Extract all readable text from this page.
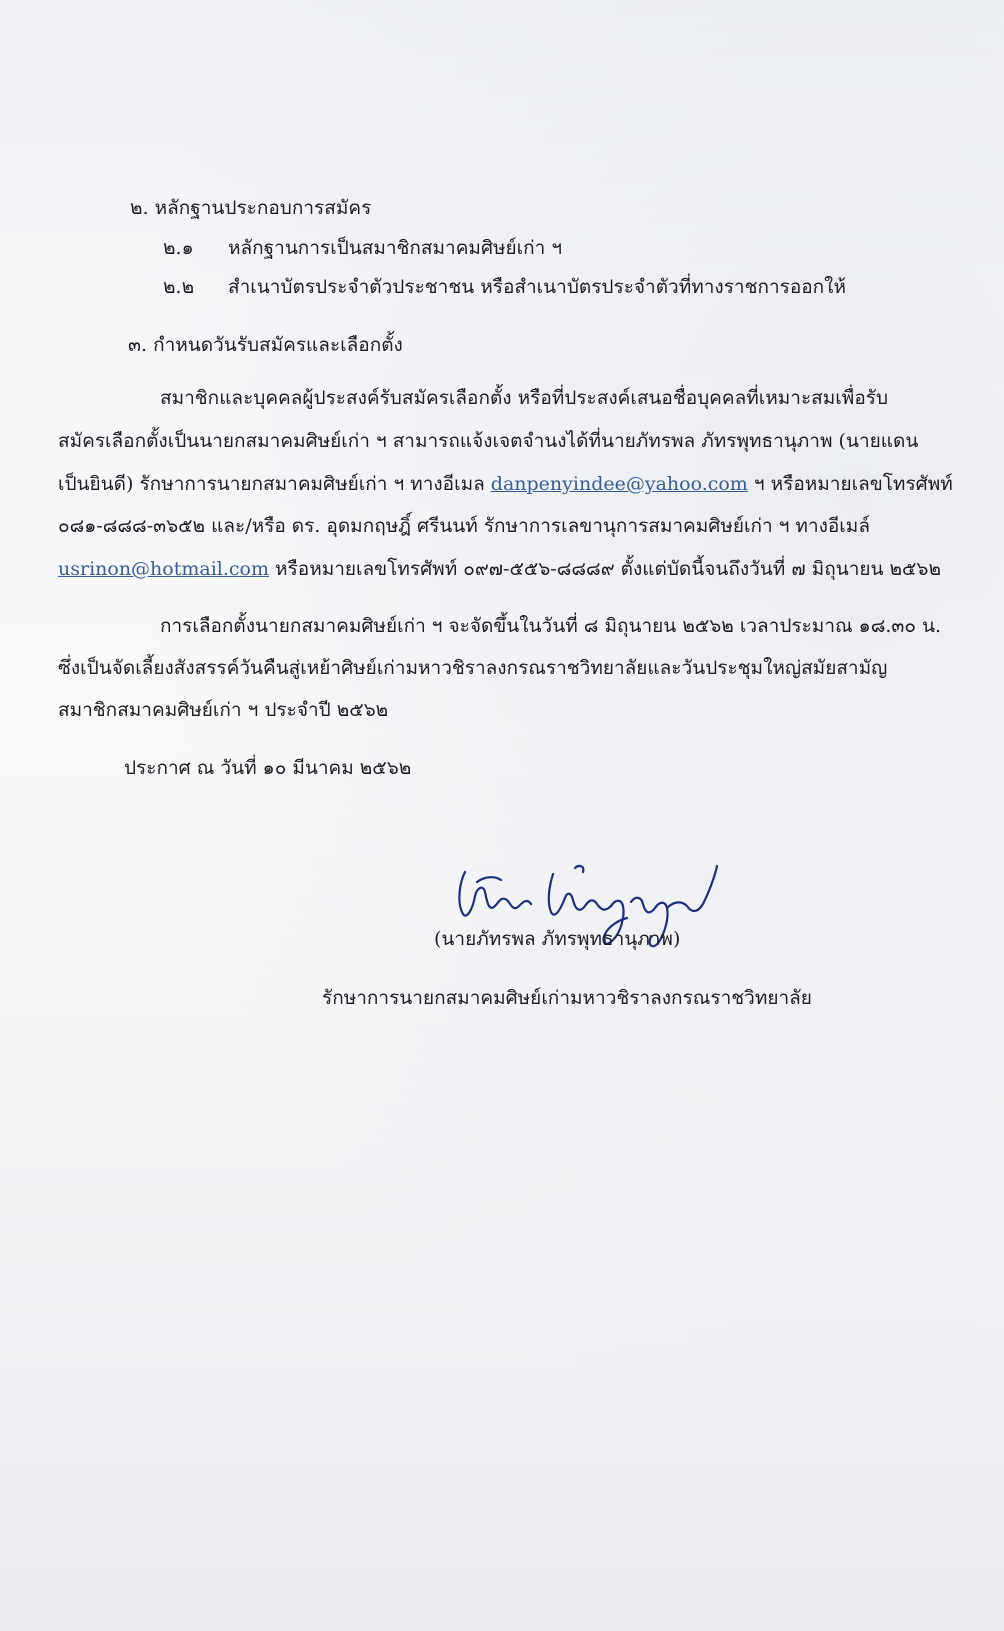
๒. หลักฐานประกอบการสมัคร
๒.๑ หลักฐานการเป็นสมาชิกสมาคมศิษย์เก่า ฯ
๒.๒ สำเนาบัตรประจำตัวประชาชน หรือสำเนาบัตรประจำตัวที่ทางราชการออกให้
๓. กำหนดวันรับสมัครและเลือกตั้ง
สมาชิกและบุคคลผู้ประสงค์รับสมัครเลือกตั้ง หรือที่ประสงค์เสนอชื่อบุคคลที่เหมาะสมเพื่อรับ
สมัครเลือกตั้งเป็นนายกสมาคมศิษย์เก่า ฯ สามารถแจ้งเจตจำนงได้ที่นายภัทรพล ภัทรพุทธานุภาพ (นายแดน
เป็นยินดี) รักษาการนายกสมาคมศิษย์เก่า ฯ ทางอีเมล danpenyindee@yahoo.com ฯ หรือหมายเลขโทรศัพท์
๐๘๑-๘๘๘-๓๖๕๒ และ/หรือ ดร. อุดมกฤษฎิ์ ศรีนนท์ รักษาการเลขานุการสมาคมศิษย์เก่า ฯ ทางอีเมล์
usrinon@hotmail.com หรือหมายเลขโทรศัพท์ ๐๙๗-๕๕๖-๘๘๘๙ ตั้งแต่บัดนี้จนถึงวันที่ ๗ มิถุนายน ๒๕๖๒
การเลือกตั้งนายกสมาคมศิษย์เก่า ฯ จะจัดขึ้นในวันที่ ๘ มิถุนายน ๒๕๖๒ เวลาประมาณ ๑๘.๓๐ น.
ซึ่งเป็นจัดเลี้ยงสังสรรค์วันคืนสู่เหย้าศิษย์เก่ามหาวชิราลงกรณราชวิทยาลัยและวันประชุมใหญ่สมัยสามัญ
สมาชิกสมาคมศิษย์เก่า ฯ ประจำปี ๒๕๖๒
ประกาศ ณ วันที่ ๑๐ มีนาคม ๒๕๖๒
(นายภัทรพล ภัทรพุทธานุภาพ)
รักษาการนายกสมาคมศิษย์เก่ามหาวชิราลงกรณราชวิทยาลัย
